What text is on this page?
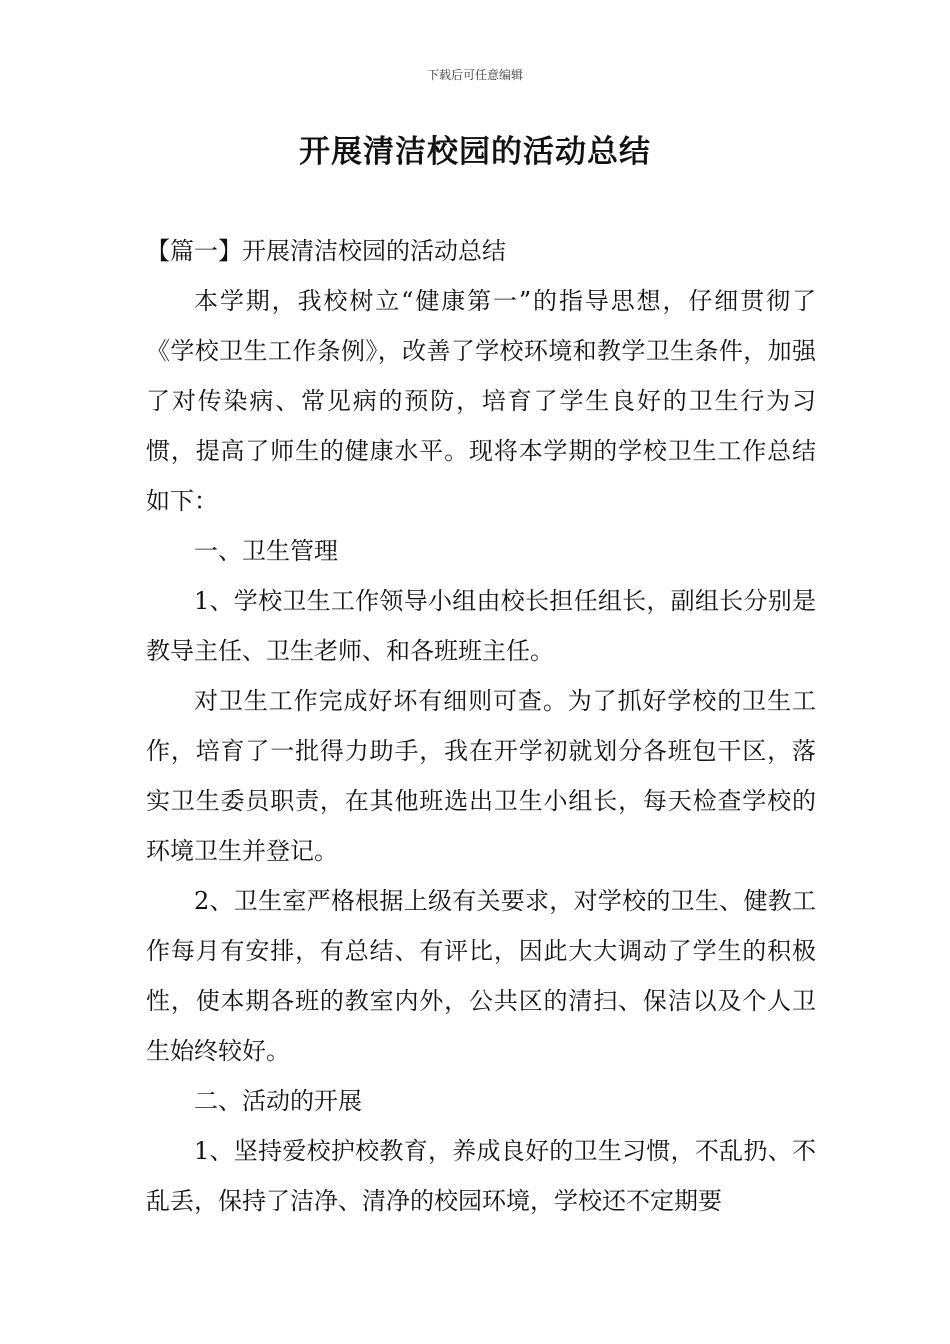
下载后可任意编辑
开展清洁校园的活动总结

【篇一】开展清洁校园的活动总结

本学期，我校树立“健康第一”的指导思想，仔细贯彻了《学校卫生工作条例》，改善了学校环境和教学卫生条件，加强了对传染病、常见病的预防，培育了学生良好的卫生行为习惯，提高了师生的健康水平。现将本学期的学校卫生工作总结如下：

一、卫生管理

1、学校卫生工作领导小组由校长担任组长，副组长分别是教导主任、卫生老师、和各班班主任。

对卫生工作完成好坏有细则可查。为了抓好学校的卫生工作，培育了一批得力助手，我在开学初就划分各班包干区，落实卫生委员职责，在其他班选出卫生小组长，每天检查学校的环境卫生并登记。

2、卫生室严格根据上级有关要求，对学校的卫生、健教工作每月有安排，有总结、有评比，因此大大调动了学生的积极性，使本期各班的教室内外，公共区的清扫、保洁以及个人卫生始终较好。

二、活动的开展

1、坚持爱校护校教育，养成良好的卫生习惯，不乱扔、不乱丢，保持了洁净、清净的校园环境，学校还不定期要
